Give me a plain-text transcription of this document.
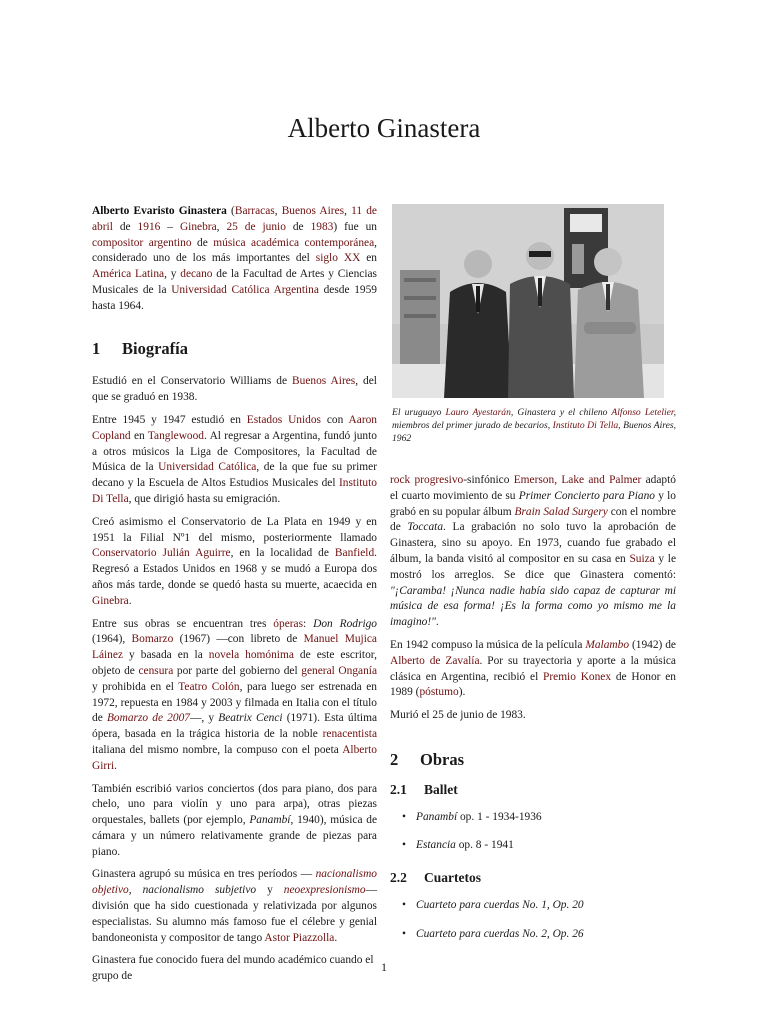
Alberto Ginastera

Alberto Evaristo Ginastera (Barracas, Buenos Aires, 11 de abril de 1916 – Ginebra, 25 de junio de 1983) fue un compositor argentino de música académica contemporánea, considerado uno de los más importantes del siglo XX en América Latina, y decano de la Facultad de Artes y Ciencias Musicales de la Universidad Católica Argentina desde 1959 hasta 1964.

1 Biografía

Estudió en el Conservatorio Williams de Buenos Aires, del que se graduó en 1938.

Entre 1945 y 1947 estudió en Estados Unidos con Aaron Copland en Tanglewood. Al regresar a Argentina, fundó junto a otros músicos la Liga de Compositores, la Facultad de Música de la Universidad Católica, de la que fue su primer decano y la Escuela de Altos Estudios Musicales del Instituto Di Tella, que dirigió hasta su emigración.

Creó asimismo el Conservatorio de La Plata en 1949 y en 1951 la Filial Nº1 del mismo, posteriormente llamado Conservatorio Julián Aguirre, en la localidad de Banfield. Regresó a Estados Unidos en 1968 y se mudó a Europa dos años más tarde, donde se quedó hasta su muerte, acaecida en Ginebra.

Entre sus obras se encuentran tres óperas: Don Rodrigo (1964), Bomarzo (1967) —con libreto de Manuel Mujica Láinez y basada en la novela homónima de este escritor, objeto de censura por parte del gobierno del general Onganía y prohibida en el Teatro Colón, para luego ser estrenada en 1972, repuesta en 1984 y 2003 y filmada en Italia con el título de Bomarzo de 2007—, y Beatrix Cenci (1971). Esta última ópera, basada en la trágica historia de la noble renacentista italiana del mismo nombre, la compuso con el poeta Alberto Girri.

También escribió varios conciertos (dos para piano, dos para chelo, uno para violín y uno para arpa), otras piezas orquestales, ballets (por ejemplo, Panambí, 1940), música de cámara y un número relativamente grande de piezas para piano.

Ginastera agrupó su música en tres períodos — nacionalismo objetivo, nacionalismo subjetivo y neoexpresionismo— división que ha sido cuestionada y relativizada por algunos especialistas. Su alumno más famoso fue el célebre y genial bandoneonista y compositor de tango Astor Piazzolla.

Ginastera fue conocido fuera del mundo académico cuando el grupo de

El uruguayo Lauro Ayestarán, Ginastera y el chileno Alfonso Letelier, miembros del primer jurado de becarios, Instituto Di Tella, Buenos Aires, 1962

rock progresivo-sinfónico Emerson, Lake and Palmer adaptó el cuarto movimiento de su Primer Concierto para Piano y lo grabó en su popular álbum Brain Salad Surgery con el nombre de Toccata. La grabación no solo tuvo la aprobación de Ginastera, sino su apoyo. En 1973, cuando fue grabado el álbum, la banda visitó al compositor en su casa en Suiza y le mostró los arreglos. Se dice que Ginastera comentó: "¡Caramba! ¡Nunca nadie había sido capaz de capturar mi música de esa forma! ¡Es la forma como yo mismo me la imagino!".

En 1942 compuso la música de la película Malambo (1942) de Alberto de Zavalía. Por su trayectoria y aporte a la música clásica en Argentina, recibió el Premio Konex de Honor en 1989 (póstumo).

Murió el 25 de junio de 1983.

2 Obras
2.1 Ballet
• Panambí op. 1 - 1934-1936
• Estancia op. 8 - 1941
2.2 Cuartetos
• Cuarteto para cuerdas No. 1, Op. 20
• Cuarteto para cuerdas No. 2, Op. 26
1
